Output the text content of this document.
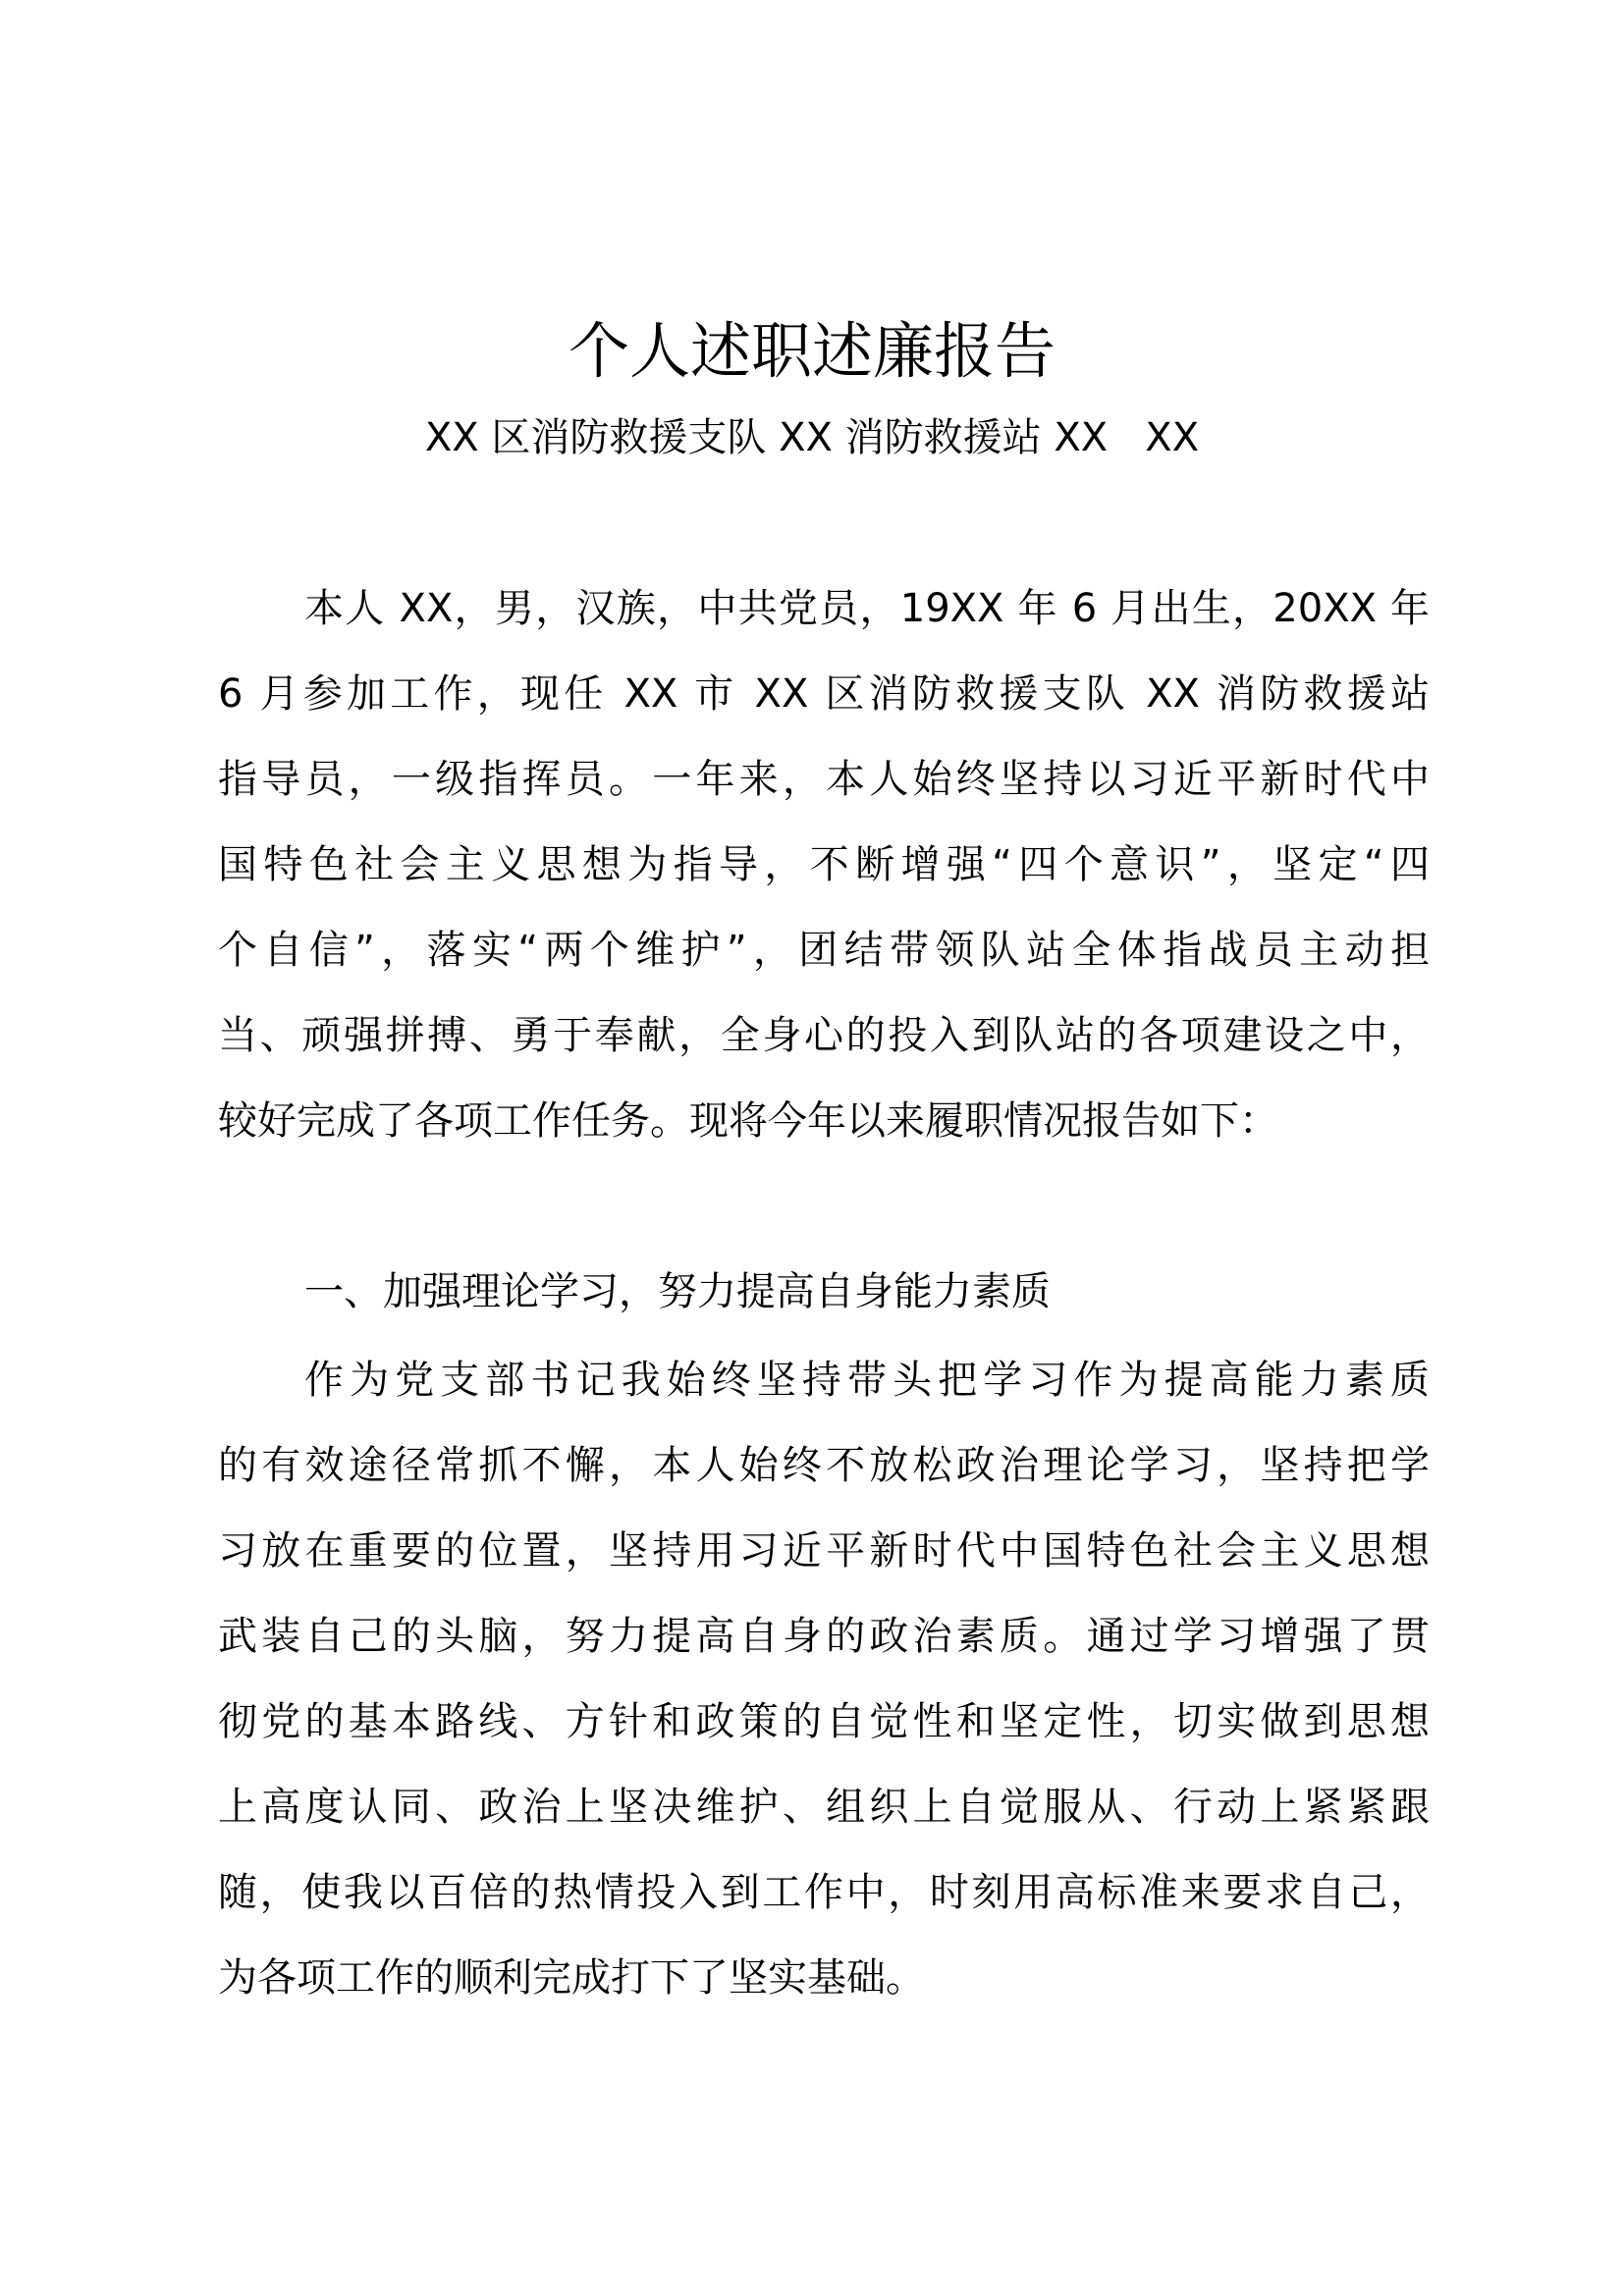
个人述职述廉报告
XX 区消防救援支队 XX 消防救援站 XX   XX
本人 XX，男，汉族，中共党员，19XX 年 6 月出生，20XX 年
6 月参加工作，现任 XX 市 XX 区消防救援支队 XX 消防救援站
指导员，一级指挥员。一年来，本人始终坚持以习近平新时代中
国特色社会主义思想为指导，不断增强“四个意识”，坚定“四
个自信”，落实“两个维护”，团结带领队站全体指战员主动担
当、顽强拼搏、勇于奉献，全身心的投入到队站的各项建设之中，
较好完成了各项工作任务。现将今年以来履职情况报告如下：
一、加强理论学习，努力提高自身能力素质
作为党支部书记我始终坚持带头把学习作为提高能力素质
的有效途径常抓不懈，本人始终不放松政治理论学习，坚持把学
习放在重要的位置，坚持用习近平新时代中国特色社会主义思想
武装自己的头脑，努力提高自身的政治素质。通过学习增强了贯
彻党的基本路线、方针和政策的自觉性和坚定性，切实做到思想
上高度认同、政治上坚决维护、组织上自觉服从、行动上紧紧跟
随，使我以百倍的热情投入到工作中，时刻用高标准来要求自己，
为各项工作的顺利完成打下了坚实基础。
